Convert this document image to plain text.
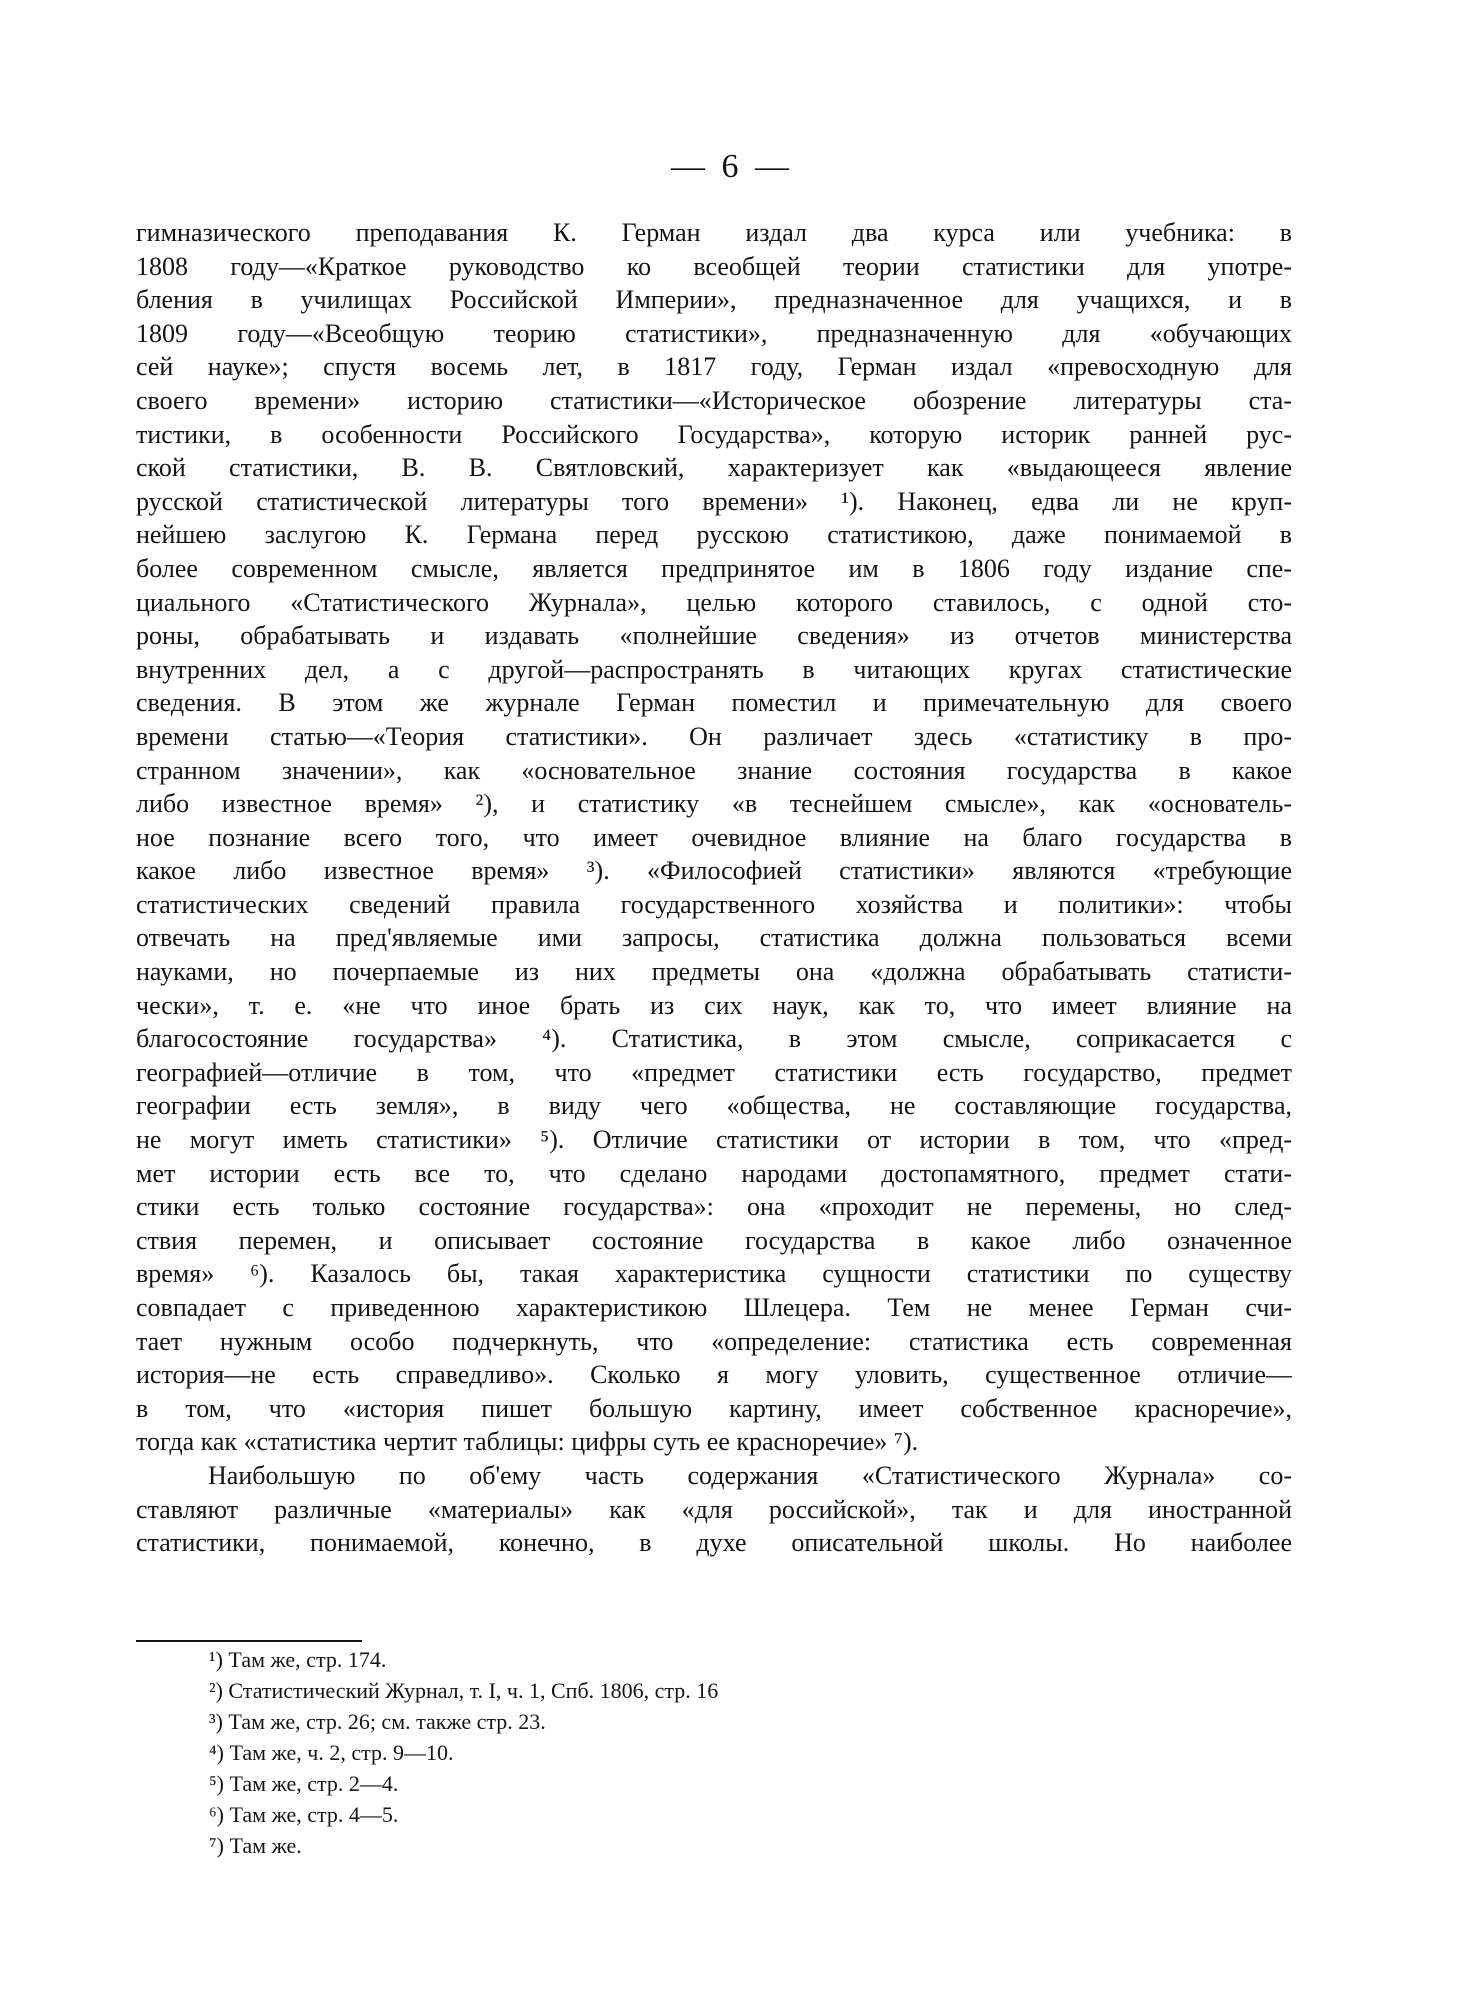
— 6 —
гимназического преподавания К. Герман издал два курса или учебника: в
1808 году—«Краткое руководство ко всеобщей теории статистики для употре-
бления в училищах Российской Империи», предназначенное для учащихся, и в
1809 году—«Всеобщую теорию статистики», предназначенную для «обучающих
сей науке»; спустя восемь лет, в 1817 году, Герман издал «превосходную для
своего времени» историю статистики—«Историческое обозрение литературы ста-
тистики, в особенности Российского Государства», которую историк ранней рус-
ской статистики, В. В. Святловский, характеризует как «выдающееся явление
русской статистической литературы того времени» ¹). Наконец, едва ли не круп-
нейшею заслугою К. Германа перед русскою статистикою, даже понимаемой в
более современном смысле, является предпринятое им в 1806 году издание спе-
циального «Статистического Журнала», целью которого ставилось, с одной сто-
роны, обрабатывать и издавать «полнейшие сведения» из отчетов министерства
внутренних дел, а с другой—распространять в читающих кругах статистические
сведения. В этом же журнале Герман поместил и примечательную для своего
времени статью—«Теория статистики». Он различает здесь «статистику в про-
странном значении», как «основательное знание состояния государства в какое
либо известное время» ²), и статистику «в теснейшем смысле», как «основатель-
ное познание всего того, что имеет очевидное влияние на благо государства в
какое либо известное время» ³). «Философией статистики» являются «требующие
статистических сведений правила государственного хозяйства и политики»: чтобы
отвечать на пред'являемые ими запросы, статистика должна пользоваться всеми
науками, но почерпаемые из них предметы она «должна обрабатывать статисти-
чески», т. е. «не что иное брать из сих наук, как то, что имеет влияние на
благосостояние государства» ⁴). Статистика, в этом смысле, соприкасается с
географией—отличие в том, что «предмет статистики есть государство, предмет
географии есть земля», в виду чего «общества, не составляющие государства,
не могут иметь статистики» ⁵). Отличие статистики от истории в том, что «пред-
мет истории есть все то, что сделано народами достопамятного, предмет стати-
стики есть только состояние государства»: она «проходит не перемены, но след-
ствия перемен, и описывает состояние государства в какое либо означенное
время» ⁶). Казалось бы, такая характеристика сущности статистики по существу
совпадает с приведенною характеристикою Шлецера. Тем не менее Герман счи-
тает нужным особо подчеркнуть, что «определение: статистика есть современная
история—не есть справедливо». Сколько я могу уловить, существенное отличие—
в том, что «история пишет большую картину, имеет собственное красноречие»,
тогда как «статистика чертит таблицы: цифры суть ее красноречие» ⁷).
Наибольшую по об'ему часть содержания «Статистического Журнала» со-
ставляют различные «материалы» как «для российской», так и для иностранной
статистики, понимаемой, конечно, в духе описательной школы. Но наиболее
¹) Там же, стр. 174.
²) Статистический Журнал, т. I, ч. 1, Спб. 1806, стр. 16
³) Там же, стр. 26; см. также стр. 23.
⁴) Там же, ч. 2, стр. 9—10.
⁵) Там же, стр. 2—4.
⁶) Там же, стр. 4—5.
⁷) Там же.
